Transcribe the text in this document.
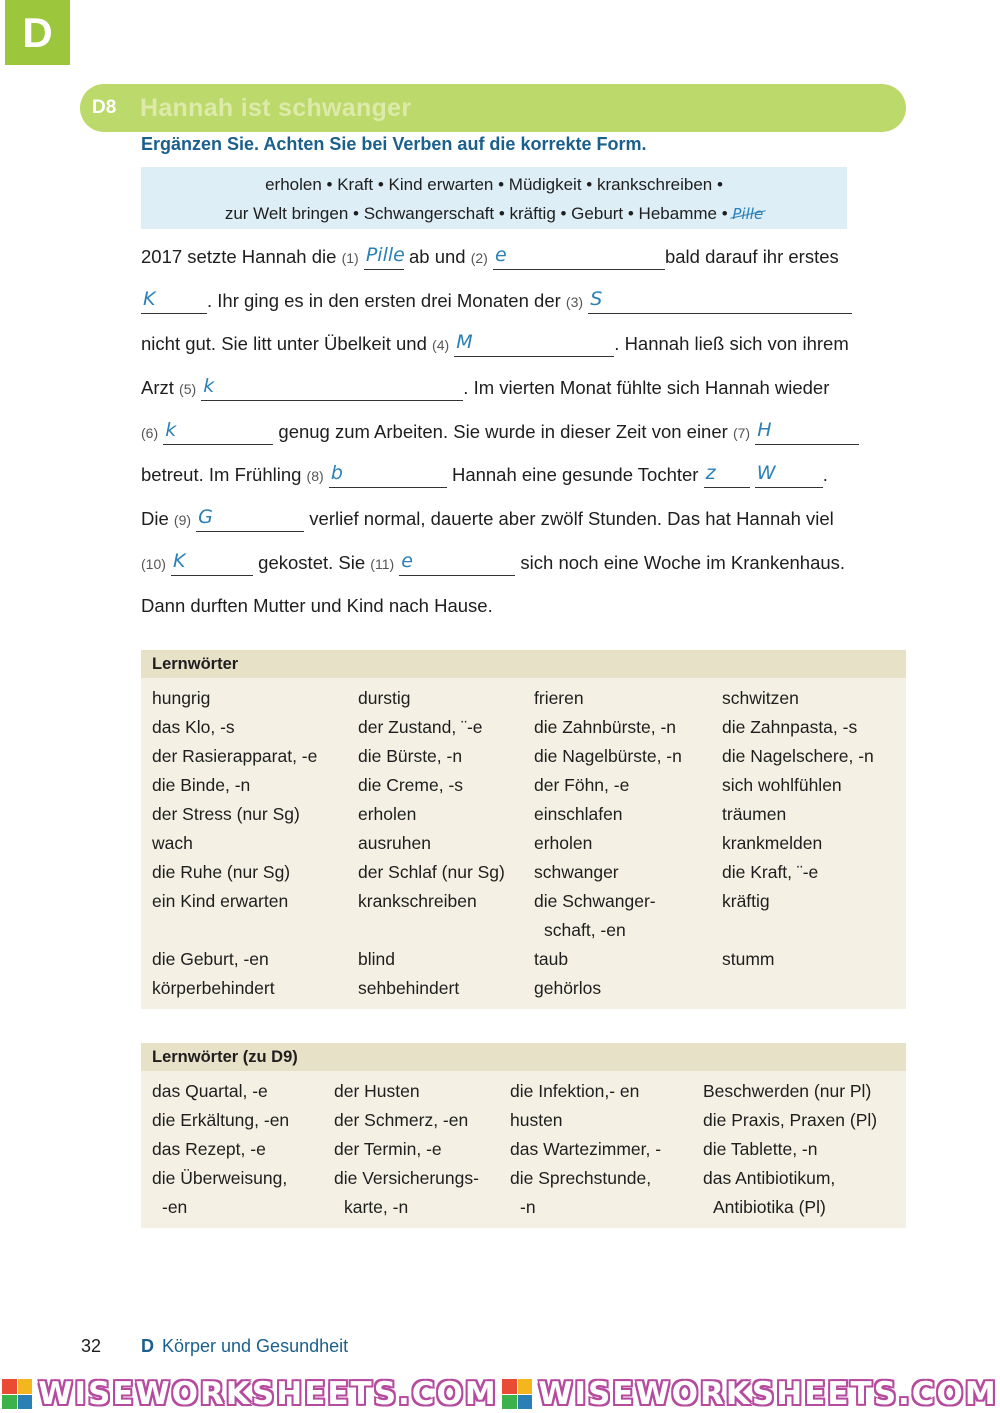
D
D8 Hannah ist schwanger
Ergänzen Sie. Achten Sie bei Verben auf die korrekte Form.
erholen • Kraft • Kind erwarten • Müdigkeit • krankschreiben •
zur Welt bringen • Schwangerschaft • kräftig • Geburt • Hebamme • Pille
2017 setzte Hannah die (1) Pille ab und (2) e	bald darauf ihr erstes
K	. Ihr ging es in den ersten drei Monaten der (3) S
nicht gut. Sie litt unter Übelkeit und (4) M	. Hannah ließ sich von ihrem
Arzt (5) k	. Im vierten Monat fühlte sich Hannah wieder
(6) k	genug zum Arbeiten. Sie wurde in dieser Zeit von einer (7) H
betreut. Im Frühling (8) b	Hannah eine gesunde Tochter z W	.
Die (9) G	verlief normal, dauerte aber zwölf Stunden. Das hat Hannah viel
(10) K	gekostet. Sie (11) e	sich noch eine Woche im Krankenhaus.
Dann durften Mutter und Kind nach Hause.
Lernwörter
hungrig	durstig	frieren	schwitzen
das Klo, -s	der Zustand, ¨-e	die Zahnbürste, -n	die Zahnpasta, -s
der Rasierapparat, -e	die Bürste, -n	die Nagelbürste, -n	die Nagelschere, -n
die Binde, -n	die Creme, -s	der Föhn, -e	sich wohlfühlen
der Stress (nur Sg)	erholen	einschlafen	träumen
wach	ausruhen	erholen	krankmelden
die Ruhe (nur Sg)	der Schlaf (nur Sg)	schwanger	die Kraft, ¨-e
ein Kind erwarten	krankschreiben	die Schwanger-	kräftig
schaft, -en
die Geburt, -en	blind	taub	stumm
körperbehindert	sehbehindert	gehörlos
Lernwörter (zu D9)
das Quartal, -e	der Husten	die Infektion,- en	Beschwerden (nur Pl)
die Erkältung, -en	der Schmerz, -en	husten	die Praxis, Praxen (Pl)
das Rezept, -e	der Termin, -e	das Wartezimmer, -	die Tablette, -n
die Überweisung,	die Versicherungs-	die Sprechstunde,	das Antibiotikum,
-en	karte, -n	-n	Antibiotika (Pl)
32 D Körper und Gesundheit
WISEWORKSHEETS.COM WISEWORKSHEETS.COM
